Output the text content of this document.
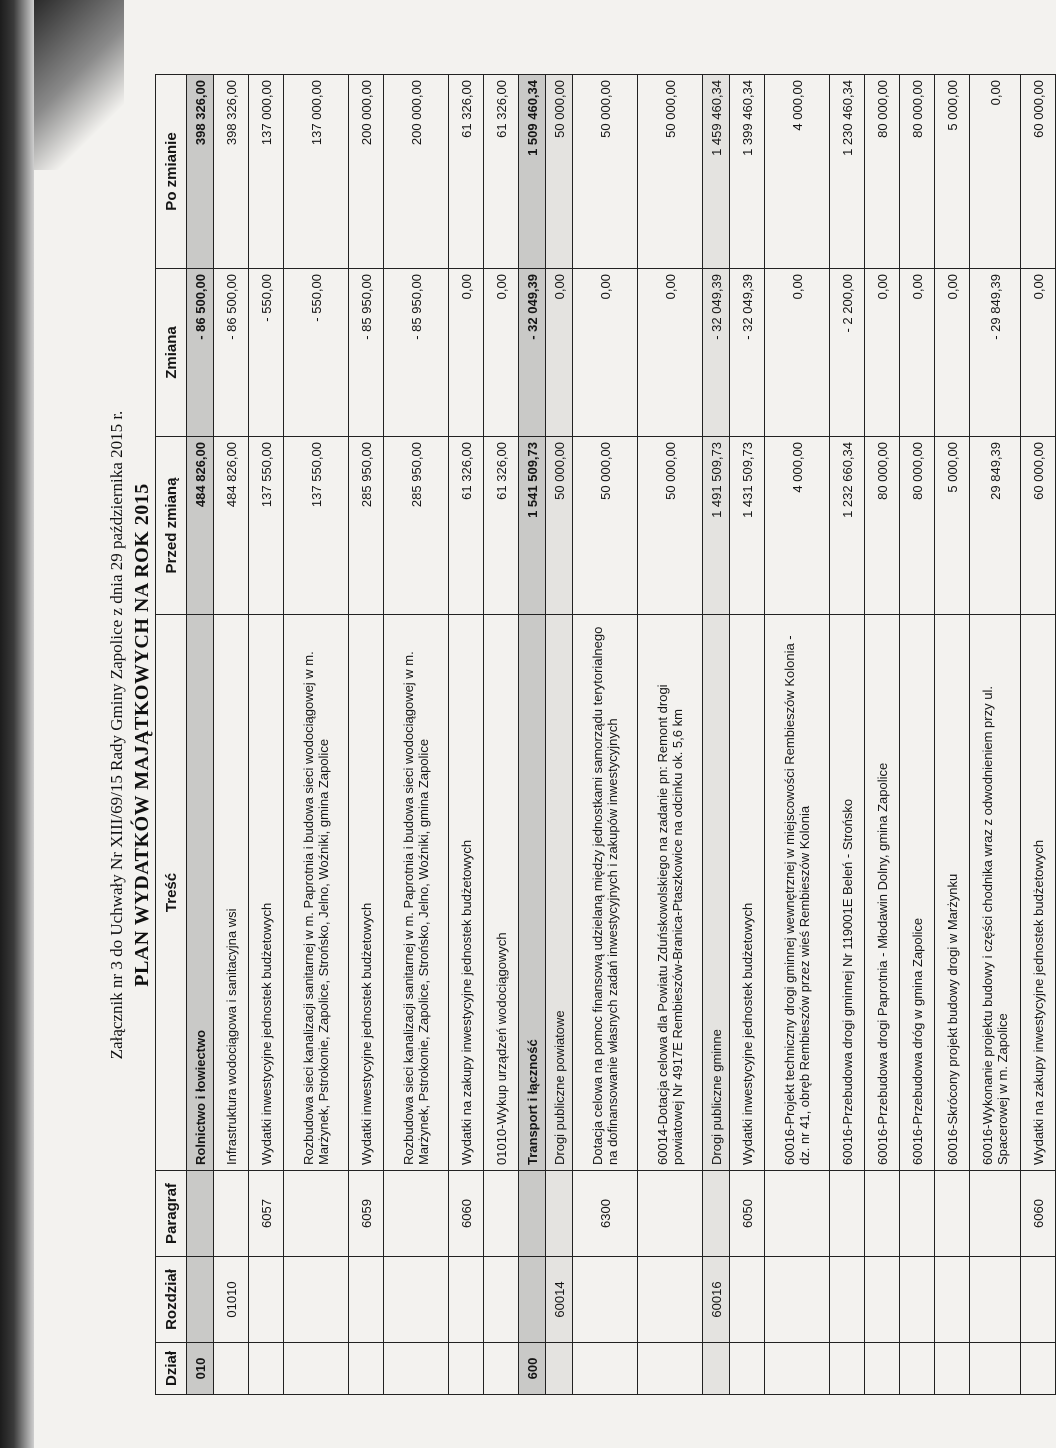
Załącznik nr 3 do Uchwały Nr XIII/69/15 Rady Gminy Zapolice z dnia 29 października 2015 r. PLAN WYDATKÓW MAJĄTKOWYCH NA ROK 2015
Dział	Rozdział	Paragraf	Treść	Przed zmianą	Zmiana	Po zmianie
010			Rolnictwo i łowiectwo	484 826,00	- 86 500,00	398 326,00
	01010		Infrastruktura wodociągowa i sanitacyjna wsi	484 826,00	- 86 500,00	398 326,00
		6057	Wydatki inwestycyjne jednostek budżetowych	137 550,00	- 550,00	137 000,00
			Rozbudowa sieci kanalizacji sanitarnej w m. Paprotnia i budowa sieci wodociągowej w m. Marżynek, Pstrokonie, Zapolice, Strońsko, Jelno, Woźniki, gmina Zapolice	137 550,00	- 550,00	137 000,00
		6059	Wydatki inwestycyjne jednostek budżetowych	285 950,00	- 85 950,00	200 000,00
			Rozbudowa sieci kanalizacji sanitarnej w m. Paprotnia i budowa sieci wodociągowej w m. Marżynek, Pstrokonie, Zapolice, Strońsko, Jelno, Woźniki, gmina Zapolice	285 950,00	- 85 950,00	200 000,00
		6060	Wydatki na zakupy inwestycyjne jednostek budżetowych	61 326,00	0,00	61 326,00
			01010-Wykup urządzeń wodociągowych	61 326,00	0,00	61 326,00
600			Transport i łączność	1 541 509,73	- 32 049,39	1 509 460,34
	60014		Drogi publiczne powiatowe	50 000,00	0,00	50 000,00
		6300	Dotacja celowa na pomoc finansową udzielaną między jednostkami samorządu terytorialnego na dofinansowanie własnych zadań inwestycyjnych i zakupów inwestycyjnych	50 000,00	0,00	50 000,00
			60014-Dotacja celowa dla Powiatu Zduńskowolskiego na zadanie pn: Remont drogi powiatowej Nr 4917E Rembieszów-Branica-Ptaszkowice na odcinku ok. 5,6 km	50 000,00	0,00	50 000,00
	60016		Drogi publiczne gminne	1 491 509,73	- 32 049,39	1 459 460,34
		6050	Wydatki inwestycyjne jednostek budżetowych	1 431 509,73	- 32 049,39	1 399 460,34
			60016-Projekt techniczny drogi gminnej wewnętrznej w miejscowości Rembieszów Kolonia - dz. nr 41, obręb Rembieszów przez wieś Rembieszów Kolonia	4 000,00	0,00	4 000,00
			60016-Przebudowa drogi gminnej Nr 119001E Beleń - Strońsko	1 232 660,34	- 2 200,00	1 230 460,34
			60016-Przebudowa drogi Paprotnia - Młodawin Dolny, gmina Zapolice	80 000,00	0,00	80 000,00
			60016-Przebudowa dróg w gmina Zapolice	80 000,00	0,00	80 000,00
			60016-Skrócony projekt budowy drogi w Marżynku	5 000,00	0,00	5 000,00
			60016-Wykonanie projektu budowy i części chodnika wraz z odwodnieniem przy ul. Spacerowej w m. Zapolice	29 849,39	- 29 849,39	0,00
		6060	Wydatki na zakupy inwestycyjne jednostek budżetowych	60 000,00	0,00	60 000,00
